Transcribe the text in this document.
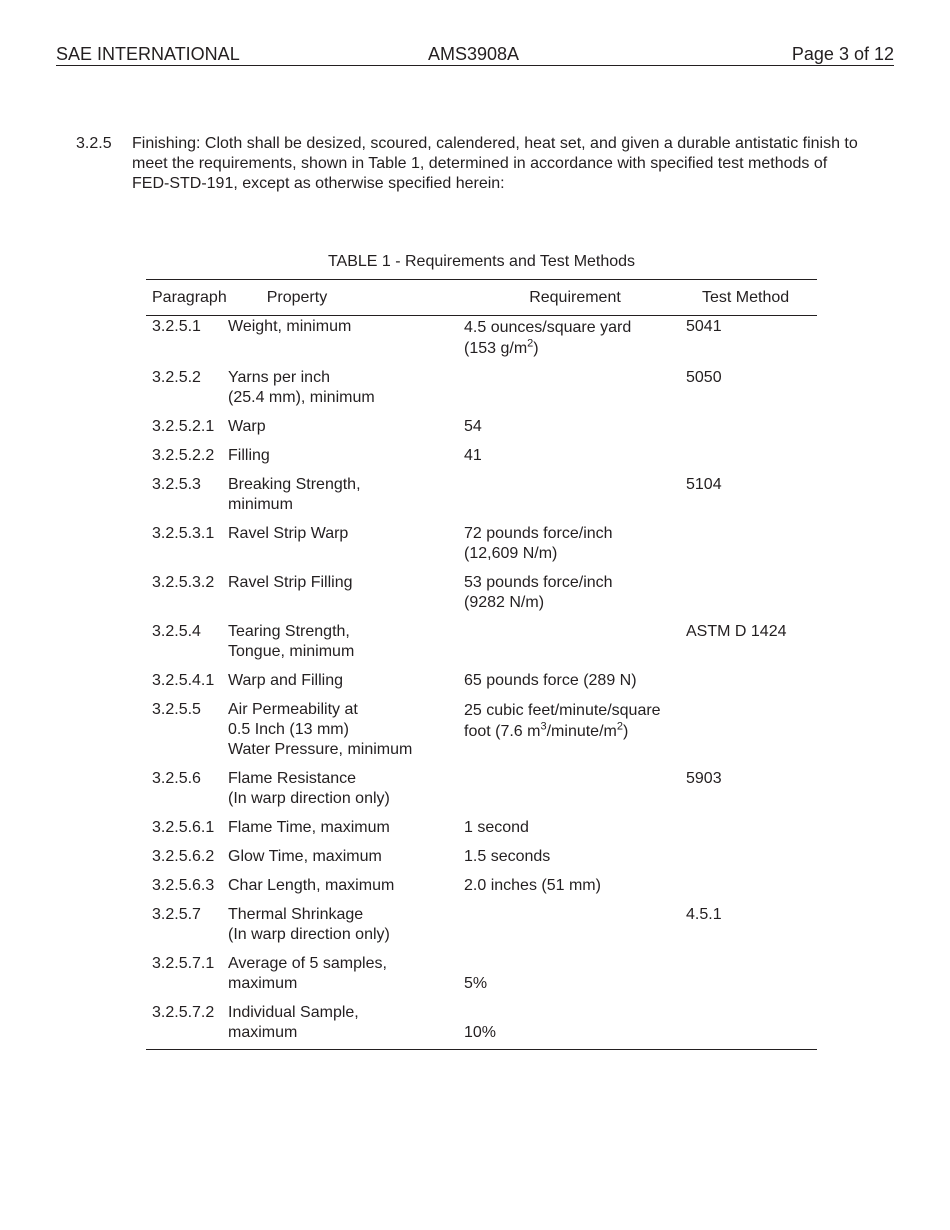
SAE INTERNATIONAL	AMS3908A	Page 3 of 12
3.2.5 Finishing: Cloth shall be desized, scoured, calendered, heat set, and given a durable antistatic finish to meet the requirements, shown in Table 1, determined in accordance with specified test methods of FED-STD-191, except as otherwise specified herein:
TABLE 1 - Requirements and Test Methods
Paragraph Property		Requirement	Test Method
3.2.5.1	Weight, minimum	4.5 ounces/square yard
(153 $g/m^2$)	5041
3.2.5.2	Yarns per inch
(25.4 mm), minimum		5050
3.2.5.2.1	Warp	54	

3.2.5.2.2	Filling	41	

3.2.5.3	Breaking Strength,
minimum		5104
3.2.5.3.1	Ravel Strip Warp	72 pounds force/inch
(12,609 N/m)	

3.2.5.3.2	Ravel Strip Filling	53 pounds force/inch
(9282 N/m)	

3.2.5.4	Tearing Strength,
Tongue, minimum		ASTM D 1424
3.2.5.4.1	Warp and Filling	65 pounds force (289 N)	

3.2.5.5	Air Permeability at
0.5 Inch (13 mm)
Water Pressure, minimum	25 cubic feet/minute/square
foot (7.6 $m^3/minute/m^2$)	

3.2.5.6	Flame Resistance
(In warp direction only)		5903
3.2.5.6.1	Flame Time, maximum	1 second	

3.2.5.6.2	Glow Time, maximum	1.5 seconds	

3.2.5.6.3	Char Length, maximum	2.0 inches (51 mm)	

3.2.5.7	Thermal Shrinkage
(In warp direction only)		4.5.1
3.2.5.7.1	Average of 5 samples,
maximum	5%	

3.2.5.7.2	Individual Sample,
maximum	10%	
